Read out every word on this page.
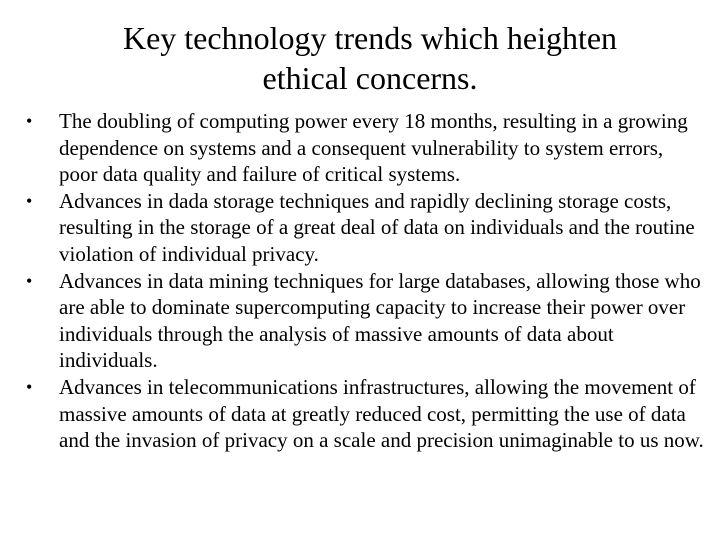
Key technology trends which heighten
ethical concerns.
•	The doubling of computing power every 18 months, resulting in a growing dependence on systems and a consequent vulnerability to system errors, poor data quality and failure of critical systems.
•	Advances in dada storage techniques and rapidly declining storage costs, resulting in the storage of a great deal of data on individuals and the routine violation of individual privacy.
•	Advances in data mining techniques for large databases, allowing those who are able to dominate supercomputing capacity to increase their power over individuals through the analysis of massive amounts of data about individuals.
•	Advances in telecommunications infrastructures, allowing the movement of massive amounts of data at greatly reduced cost, permitting the use of data and the invasion of privacy on a scale and precision unimaginable to us now.
